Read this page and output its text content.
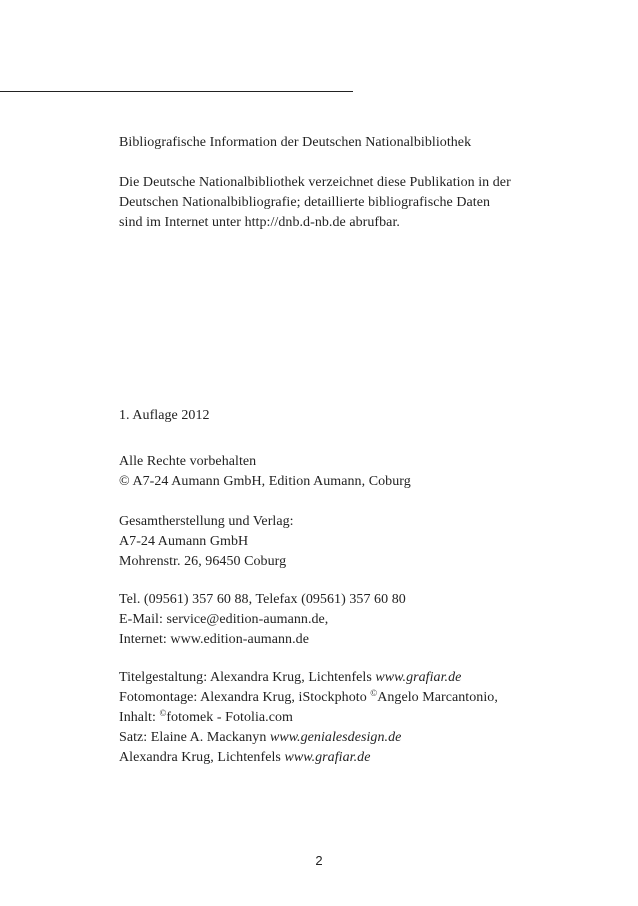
Bibliografische Information der Deutschen Nationalbibliothek

Die Deutsche Nationalbibliothek verzeichnet diese Publikation in der
Deutschen Nationalbibliografie; detaillierte bibliografische Daten
sind im Internet unter http://dnb.d-nb.de abrufbar.
1. Auflage 2012
Alle Rechte vorbehalten
© A7-24 Aumann GmbH, Edition Aumann, Coburg
Gesamtherstellung und Verlag:
A7-24 Aumann GmbH
Mohrenstr. 26, 96450 Coburg
Tel. (09561) 357 60 88, Telefax (09561) 357 60 80
E-Mail: service@edition-aumann.de,
Internet: www.edition-aumann.de
Titelgestaltung: Alexandra Krug, Lichtenfels www.grafiar.de
Fotomontage: Alexandra Krug, iStockphoto ©Angelo Marcantonio,
Inhalt: ©fotomek - Fotolia.com
Satz: Elaine A. Mackanyn www.genialesdesign.de
Alexandra Krug, Lichtenfels www.grafiar.de
2
